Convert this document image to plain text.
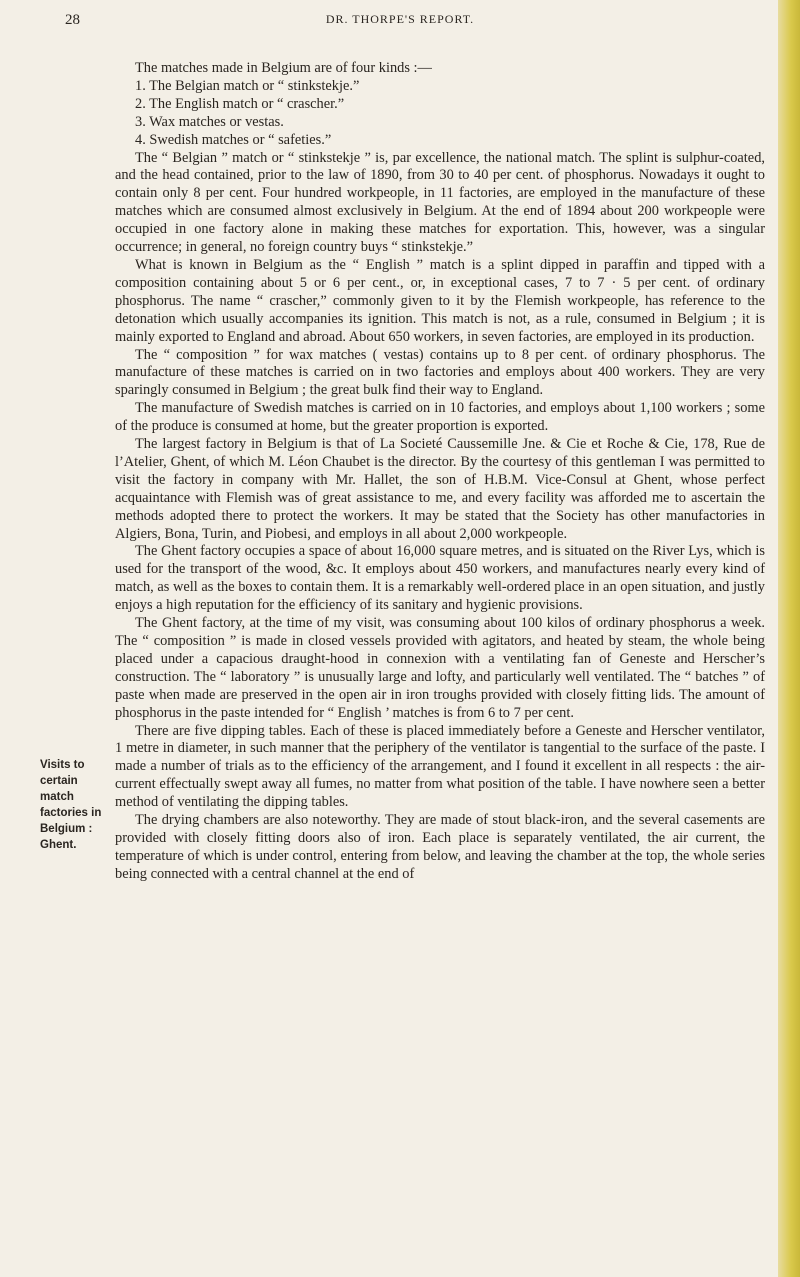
28	DR. THORPE'S REPORT.
Visits to certain match factories in Belgium : Ghent.

The matches made in Belgium are of four kinds :—

1. The Belgian match or “ stinkstekje.”
2. The English match or “ crascher.”
3. Wax matches or vestas.
4. Swedish matches or “ safeties.”

The “ Belgian ” match or “ stinkstekje ” is, par excellence, the national match. The splint is sulphur-coated, and the head contained, prior to the law of 1890, from 30 to 40 per cent. of phosphorus. Nowadays it ought to contain only 8 per cent. Four hundred workpeople, in 11 factories, are employed in the manufacture of these matches which are consumed almost exclusively in Belgium. At the end of 1894 about 200 workpeople were occupied in one factory alone in making these matches for exportation. This, however, was a singular occurrence; in general, no foreign country buys “ stinkstekje.”

What is known in Belgium as the “ English ” match is a splint dipped in paraffin and tipped with a composition containing about 5 or 6 per cent., or, in exceptional cases, 7 to 7 · 5 per cent. of ordinary phosphorus. The name “ crascher,” commonly given to it by the Flemish workpeople, has reference to the detonation which usually accompanies its ignition. This match is not, as a rule, consumed in Belgium ; it is mainly exported to England and abroad. About 650 workers, in seven factories, are employed in its production.

The “ composition ” for wax matches ( vestas) contains up to 8 per cent. of ordinary phosphorus. The manufacture of these matches is carried on in two factories and employs about 400 workers. They are very sparingly consumed in Belgium ; the great bulk find their way to England.

The manufacture of Swedish matches is carried on in 10 factories, and employs about 1,100 workers ; some of the produce is consumed at home, but the greater proportion is exported.

The largest factory in Belgium is that of La Societé Caussemille Jne. & Cie et Roche & Cie, 178, Rue de l’Atelier, Ghent, of which M. Léon Chaubet is the director. By the courtesy of this gentleman I was permitted to visit the factory in company with Mr. Hallet, the son of H.B.M. Vice-Consul at Ghent, whose perfect acquaintance with Flemish was of great assistance to me, and every facility was afforded me to ascertain the methods adopted there to protect the workers. It may be stated that the Society has other manufactories in Algiers, Bona, Turin, and Piobesi, and employs in all about 2,000 workpeople.

The Ghent factory occupies a space of about 16,000 square metres, and is situated on the River Lys, which is used for the transport of the wood, &c. It employs about 450 workers, and manufactures nearly every kind of match, as well as the boxes to contain them. It is a remarkably well-ordered place in an open situation, and justly enjoys a high reputation for the efficiency of its sanitary and hygienic provisions.

The Ghent factory, at the time of my visit, was consuming about 100 kilos of ordinary phosphorus a week. The “ composition ” is made in closed vessels provided with agitators, and heated by steam, the whole being placed under a capacious draught-hood in connexion with a ventilating fan of Geneste and Herscher’s construction. The “ laboratory ” is unusually large and lofty, and particularly well ventilated. The “ batches ” of paste when made are preserved in the open air in iron troughs provided with closely fitting lids. The amount of phosphorus in the paste intended for “ English ’ matches is from 6 to 7 per cent.

There are five dipping tables. Each of these is placed immediately before a Geneste and Herscher ventilator, 1 metre in diameter, in such manner that the periphery of the ventilator is tangential to the surface of the paste. I made a number of trials as to the efficiency of the arrangement, and I found it excellent in all respects : the air-current effectually swept away all fumes, no matter from what position of the table. I have nowhere seen a better method of ventilating the dipping tables.

The drying chambers are also noteworthy. They are made of stout black-iron, and the several casements are provided with closely fitting doors also of iron. Each place is separately ventilated, the air current, the temperature of which is under control, entering from below, and leaving the chamber at the top, the whole series being connected with a central channel at the end of
